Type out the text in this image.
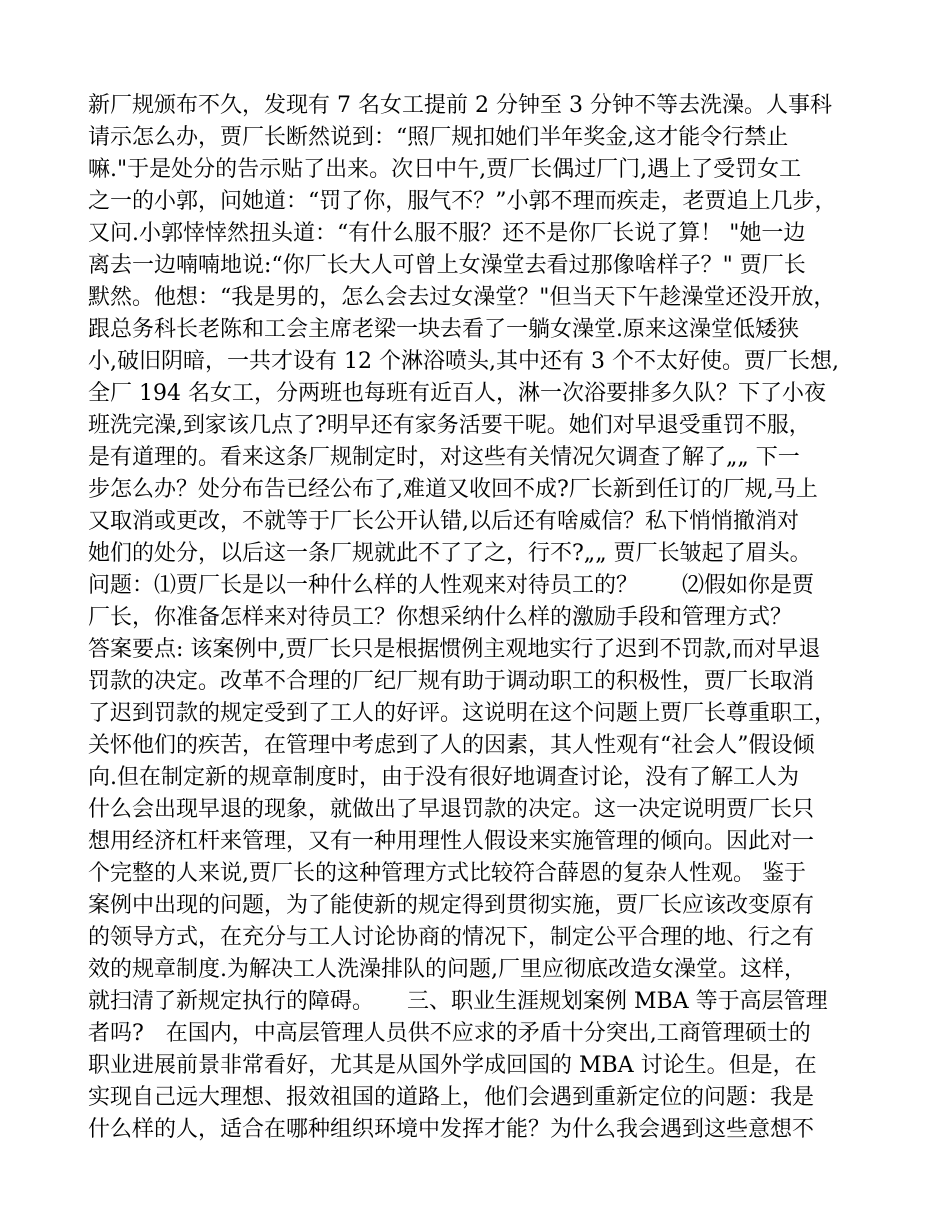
新厂规颁布不久，发现有 7 名女工提前 2 分钟至 3 分钟不等去洗澡。人事科
请示怎么办，贾厂长断然说到：“照厂规扣她们半年奖金,这才能令行禁止
嘛."于是处分的告示贴了出来。次日中午,贾厂长偶过厂门,遇上了受罚女工
之一的小郭，问她道：“罚了你，服气不？”小郭不理而疾走，老贾追上几步，
又问.小郭悻悻然扭头道：“有什么服不服？还不是你厂长说了算！ "她一边
离去一边喃喃地说:“你厂长大人可曾上女澡堂去看过那像啥样子？" 贾厂长
默然。他想：“我是男的，怎么会去过女澡堂？"但当天下午趁澡堂还没开放，
跟总务科长老陈和工会主席老梁一块去看了一躺女澡堂.原来这澡堂低矮狭
小,破旧阴暗，一共才设有 12 个淋浴喷头,其中还有 3 个不太好使。贾厂长想,
全厂 194 名女工，分两班也每班有近百人，淋一次浴要排多久队？下了小夜
班洗完澡,到家该几点了?明早还有家务活要干呢。她们对早退受重罚不服，
是有道理的。看来这条厂规制定时，对这些有关情况欠调查了解了„„ 下一
步怎么办？处分布告已经公布了,难道又收回不成?厂长新到任订的厂规,马上
又取消或更改，不就等于厂长公开认错,以后还有啥威信？私下悄悄撤消对
她们的处分，以后这一条厂规就此不了了之，行不?„„ 贾厂长皱起了眉头。
问题：⑴贾厂长是以一种什么样的人性观来对待员工的？　　⑵假如你是贾
厂长，你准备怎样来对待员工？你想采纳什么样的激励手段和管理方式？
答案要点: 该案例中,贾厂长只是根据惯例主观地实行了迟到不罚款,而对早退
罚款的决定。改革不合理的厂纪厂规有助于调动职工的积极性，贾厂长取消
了迟到罚款的规定受到了工人的好评。这说明在这个问题上贾厂长尊重职工，
关怀他们的疾苦，在管理中考虑到了人的因素，其人性观有“社会人”假设倾
向.但在制定新的规章制度时，由于没有很好地调查讨论，没有了解工人为
什么会出现早退的现象，就做出了早退罚款的决定。这一决定说明贾厂长只
想用经济杠杆来管理，又有一种用理性人假设来实施管理的倾向。因此对一
个完整的人来说,贾厂长的这种管理方式比较符合薛恩的复杂人性观。 鉴于
案例中出现的问题，为了能使新的规定得到贯彻实施，贾厂长应该改变原有
的领导方式，在充分与工人讨论协商的情况下，制定公平合理的地、行之有
效的规章制度.为解决工人洗澡排队的问题,厂里应彻底改造女澡堂。这样，
就扫清了新规定执行的障碍。　　三、职业生涯规划案例 MBA 等于高层管理
者吗?　在国内，中高层管理人员供不应求的矛盾十分突出,工商管理硕士的
职业进展前景非常看好，尤其是从国外学成回国的 MBA 讨论生。但是，在
实现自己远大理想、报效祖国的道路上，他们会遇到重新定位的问题：我是
什么样的人，适合在哪种组织环境中发挥才能？为什么我会遇到这些意想不
